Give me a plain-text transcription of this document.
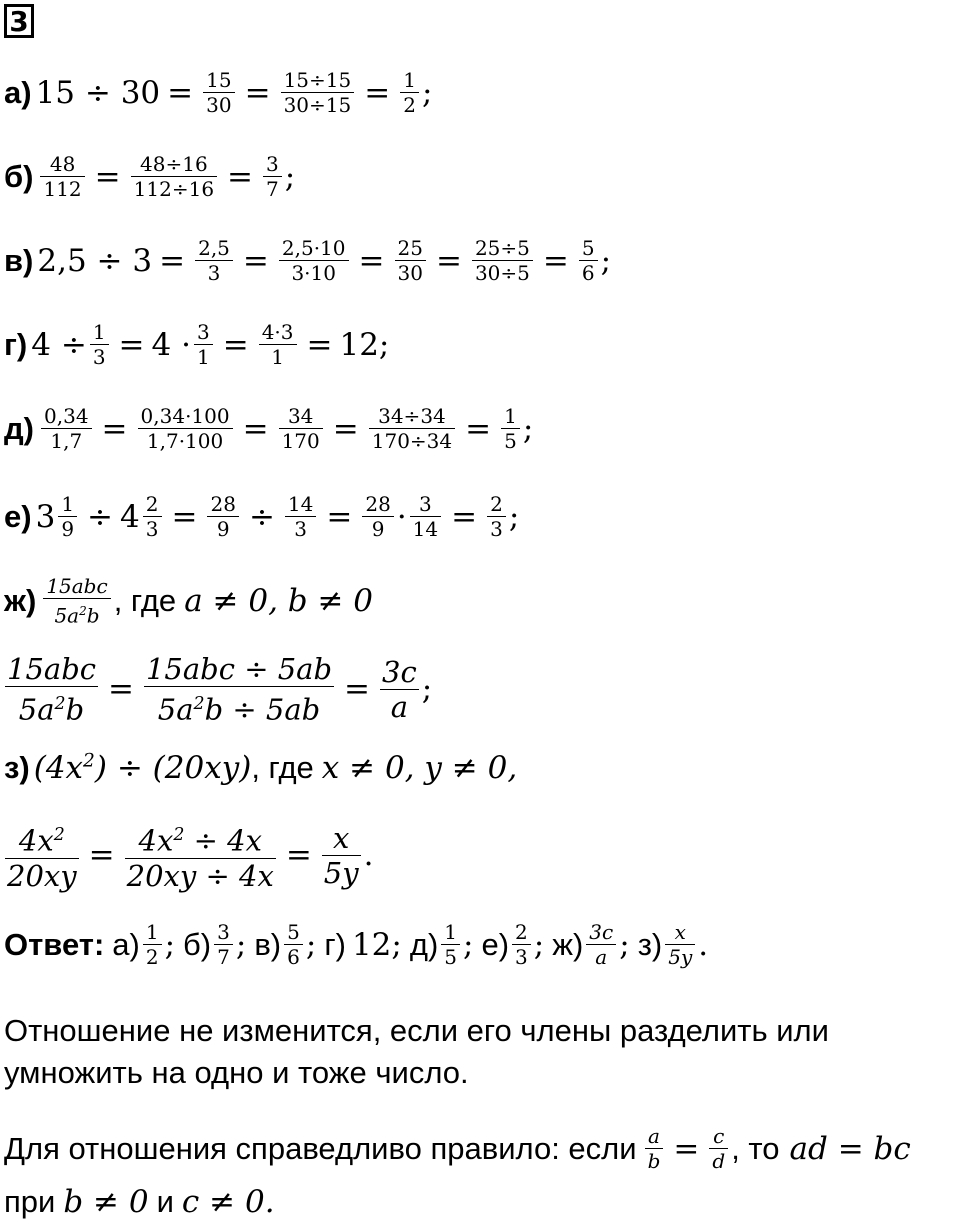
3
а) 15 ÷ 30 = 15
30 = 15÷15
30÷15 = 1
2 ;
б) 48
112 = 48÷16
112÷16 = 3
7 ;
в) 2,5 ÷ 3 = 2,5
3 = 2,5·10
3·10 = 25
30 = 25÷5
30÷5 = 5
6 ;
г) 4 ÷ 1
3 = 4 · 3
1 = 4·3
1 = 12;
д) 0,34
1,7 = 0,34·100
1,7·100 = 34
170 = 34÷34
170÷34 = 1
5 ;
е) 3 1
9 ÷ 4 2
3 = 28
9 ÷ 14
3 = 28
9 · 3
14 = 2
3 ;
ж) 15abc
$5a^2b$ , где a ≠ 0, b ≠ 0
15abc
$5a^2b$
=
15abc ÷ 5ab
$5a^2b \div 5ab$
= 3c
a ;
з) $(4x^2) \div (20xy)$ , где x ≠ 0, y ≠ 0,
$4x^2$
20xy
= $4x^2 \div 4x$
20xy ÷ 4x
= x
5y .
Ответ: а) 1
2 ; б) 3
7 ; в) 5
6 ; г) 12 ; д) 1
5 ; е) 2
3 ; ж) 3c
a ; з) x
5y .
Отношение не изменится, если его члены разделить или
умножить на одно и тоже число.
Для отношения справедливо правило: если a
b = c
d , то ad = bc
при b ≠ 0 и c ≠ 0.
